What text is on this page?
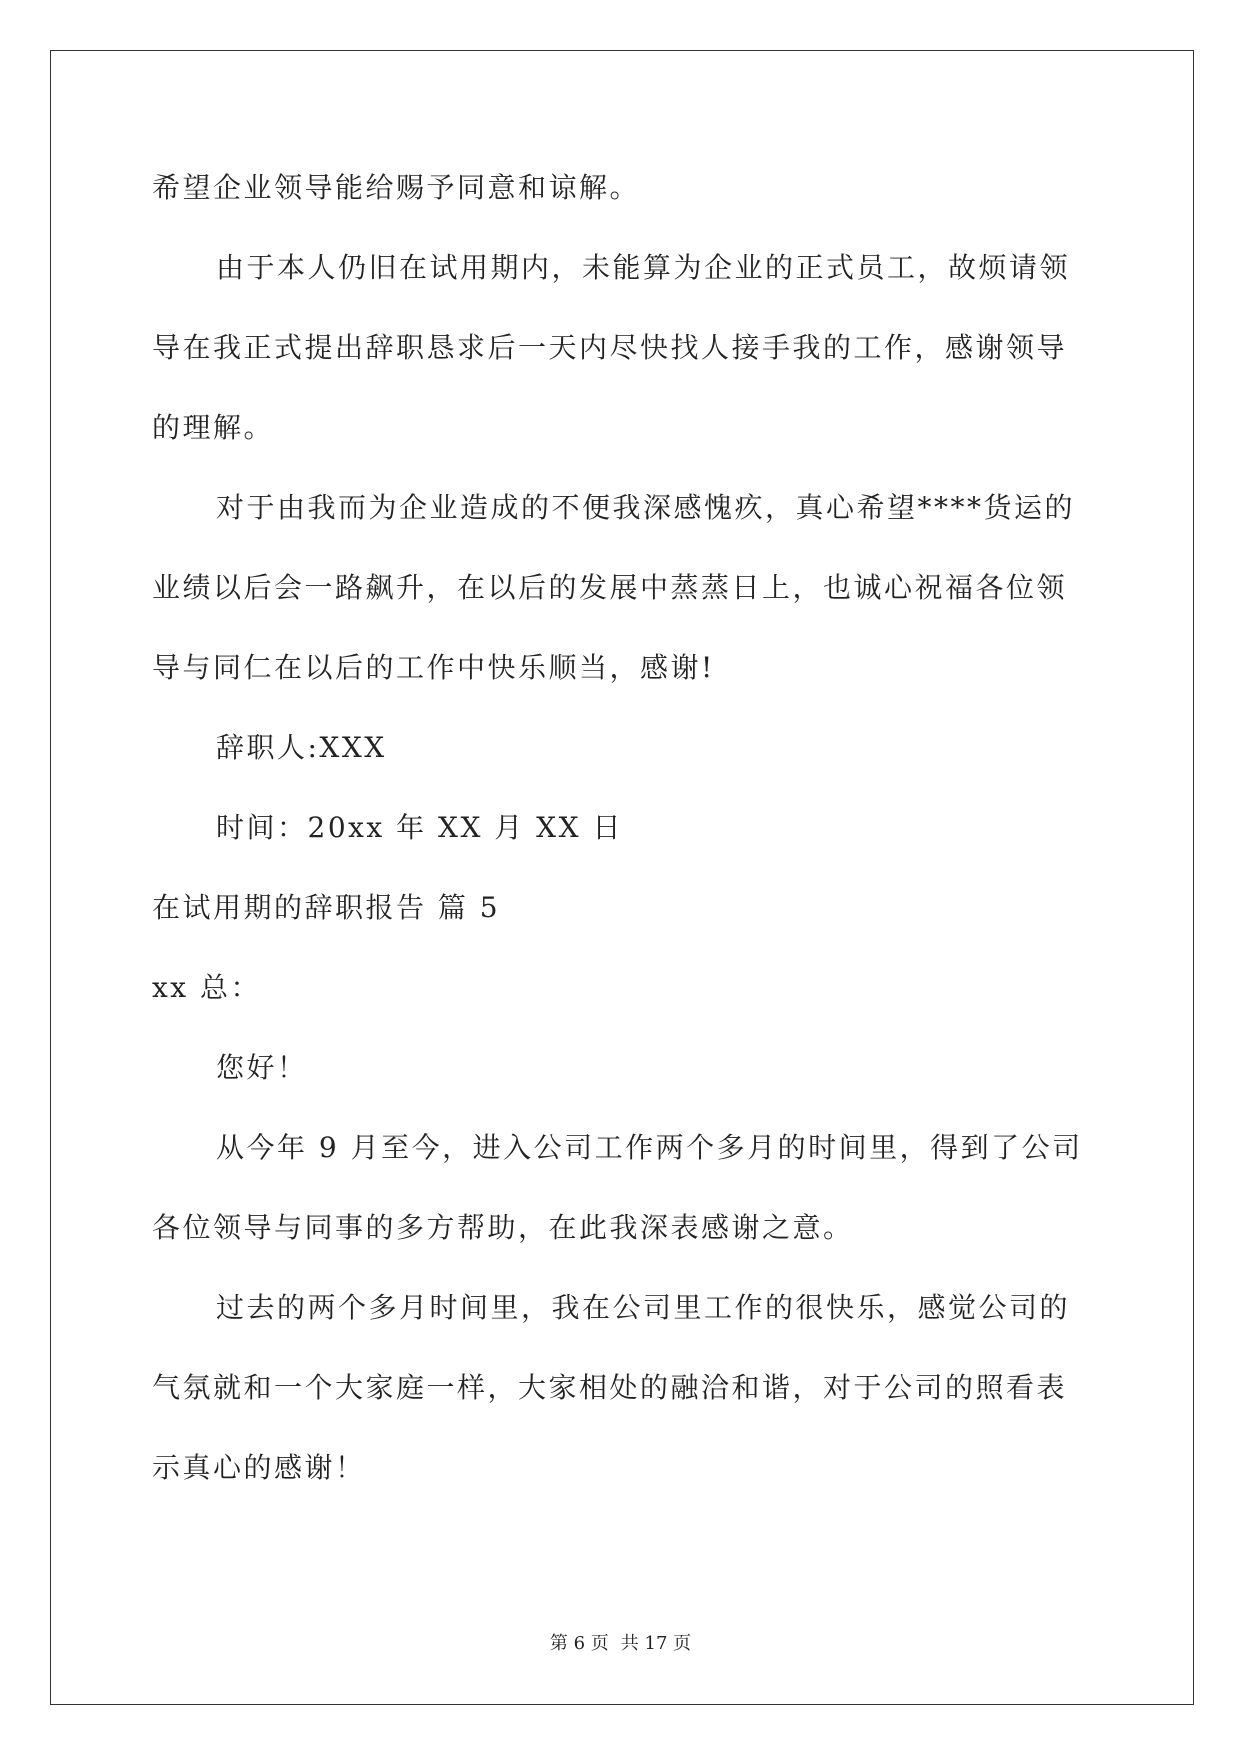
希望企业领导能给赐予同意和谅解。
由于本人仍旧在试用期内，未能算为企业的正式员工，故烦请领
导在我正式提出辞职恳求后一天内尽快找人接手我的工作，感谢领导
的理解。
对于由我而为企业造成的不便我深感愧疚，真心希望****货运的
业绩以后会一路飙升，在以后的发展中蒸蒸日上，也诚心祝福各位领
导与同仁在以后的工作中快乐顺当，感谢!
辞职人:XXX
时间：20xx 年 XX 月 XX 日
在试用期的辞职报告 篇 5
xx 总：
您好！
从今年 9 月至今，进入公司工作两个多月的时间里，得到了公司
各位领导与同事的多方帮助，在此我深表感谢之意。
过去的两个多月时间里，我在公司里工作的很快乐，感觉公司的
气氛就和一个大家庭一样，大家相处的融洽和谐，对于公司的照看表
示真心的感谢！
第 6 页 共 17 页
